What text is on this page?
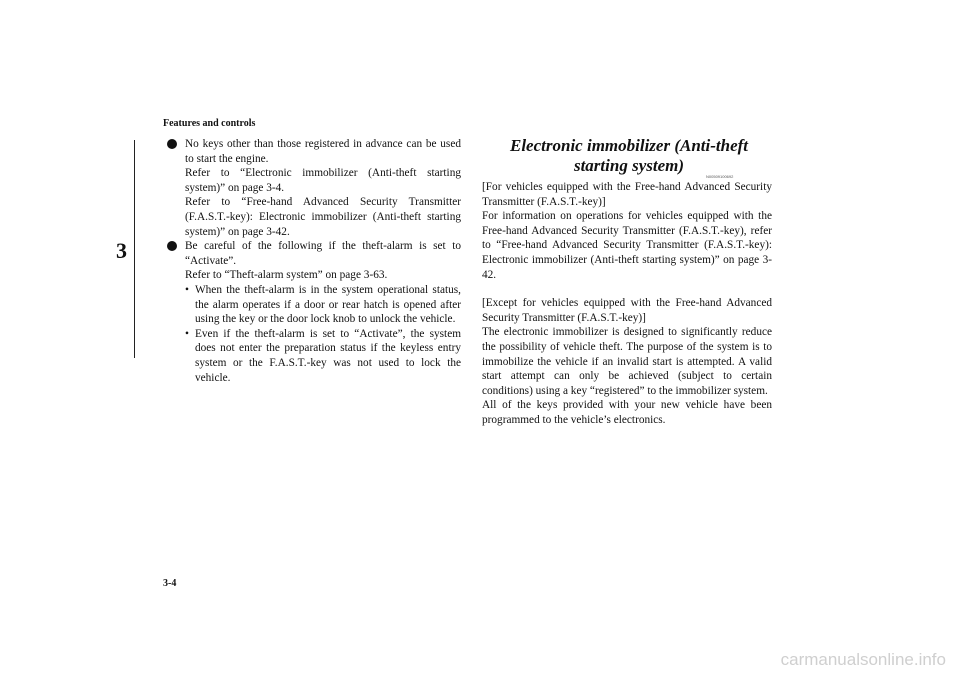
Features and controls
3

No keys other than those registered in advance can be used to start the engine.

Refer to “Electronic immobilizer (Anti-theft starting system)” on page 3-4.

Refer to “Free-hand Advanced Security Transmitter (F.A.S.T.-key): Electronic immobilizer (Anti-theft starting system)” on page 3-42.

Be careful of the following if the theft-alarm is set to “Activate”.

Refer to “Theft-alarm system” on page 3-63.

• When the theft-alarm is in the system operational status, the alarm operates if a door or rear hatch is opened after using the key or the door lock knob to unlock the vehicle.

• Even if the theft-alarm is set to “Activate”, the system does not enter the preparation status if the keyless entry system or the F.A.S.T.-key was not used to lock the vehicle.

Electronic immobilizer (Anti-theft starting system)
N00509100692

[For vehicles equipped with the Free-hand Advanced Security Transmitter (F.A.S.T.-key)]

For information on operations for vehicles equipped with the Free-hand Advanced Security Transmitter (F.A.S.T.-key), refer to “Free-hand Advanced Security Transmitter (F.A.S.T.-key): Electronic immobilizer (Anti-theft starting system)” on page 3-42.

[Except for vehicles equipped with the Free-hand Advanced Security Transmitter (F.A.S.T.-key)]

The electronic immobilizer is designed to significantly reduce the possibility of vehicle theft. The purpose of the system is to immobilize the vehicle if an invalid start is attempted. A valid start attempt can only be achieved (subject to certain conditions) using a key “registered” to the immobilizer system.

All of the keys provided with your new vehicle have been programmed to the vehicle’s electronics.

3-4
carmanualsonline.info
